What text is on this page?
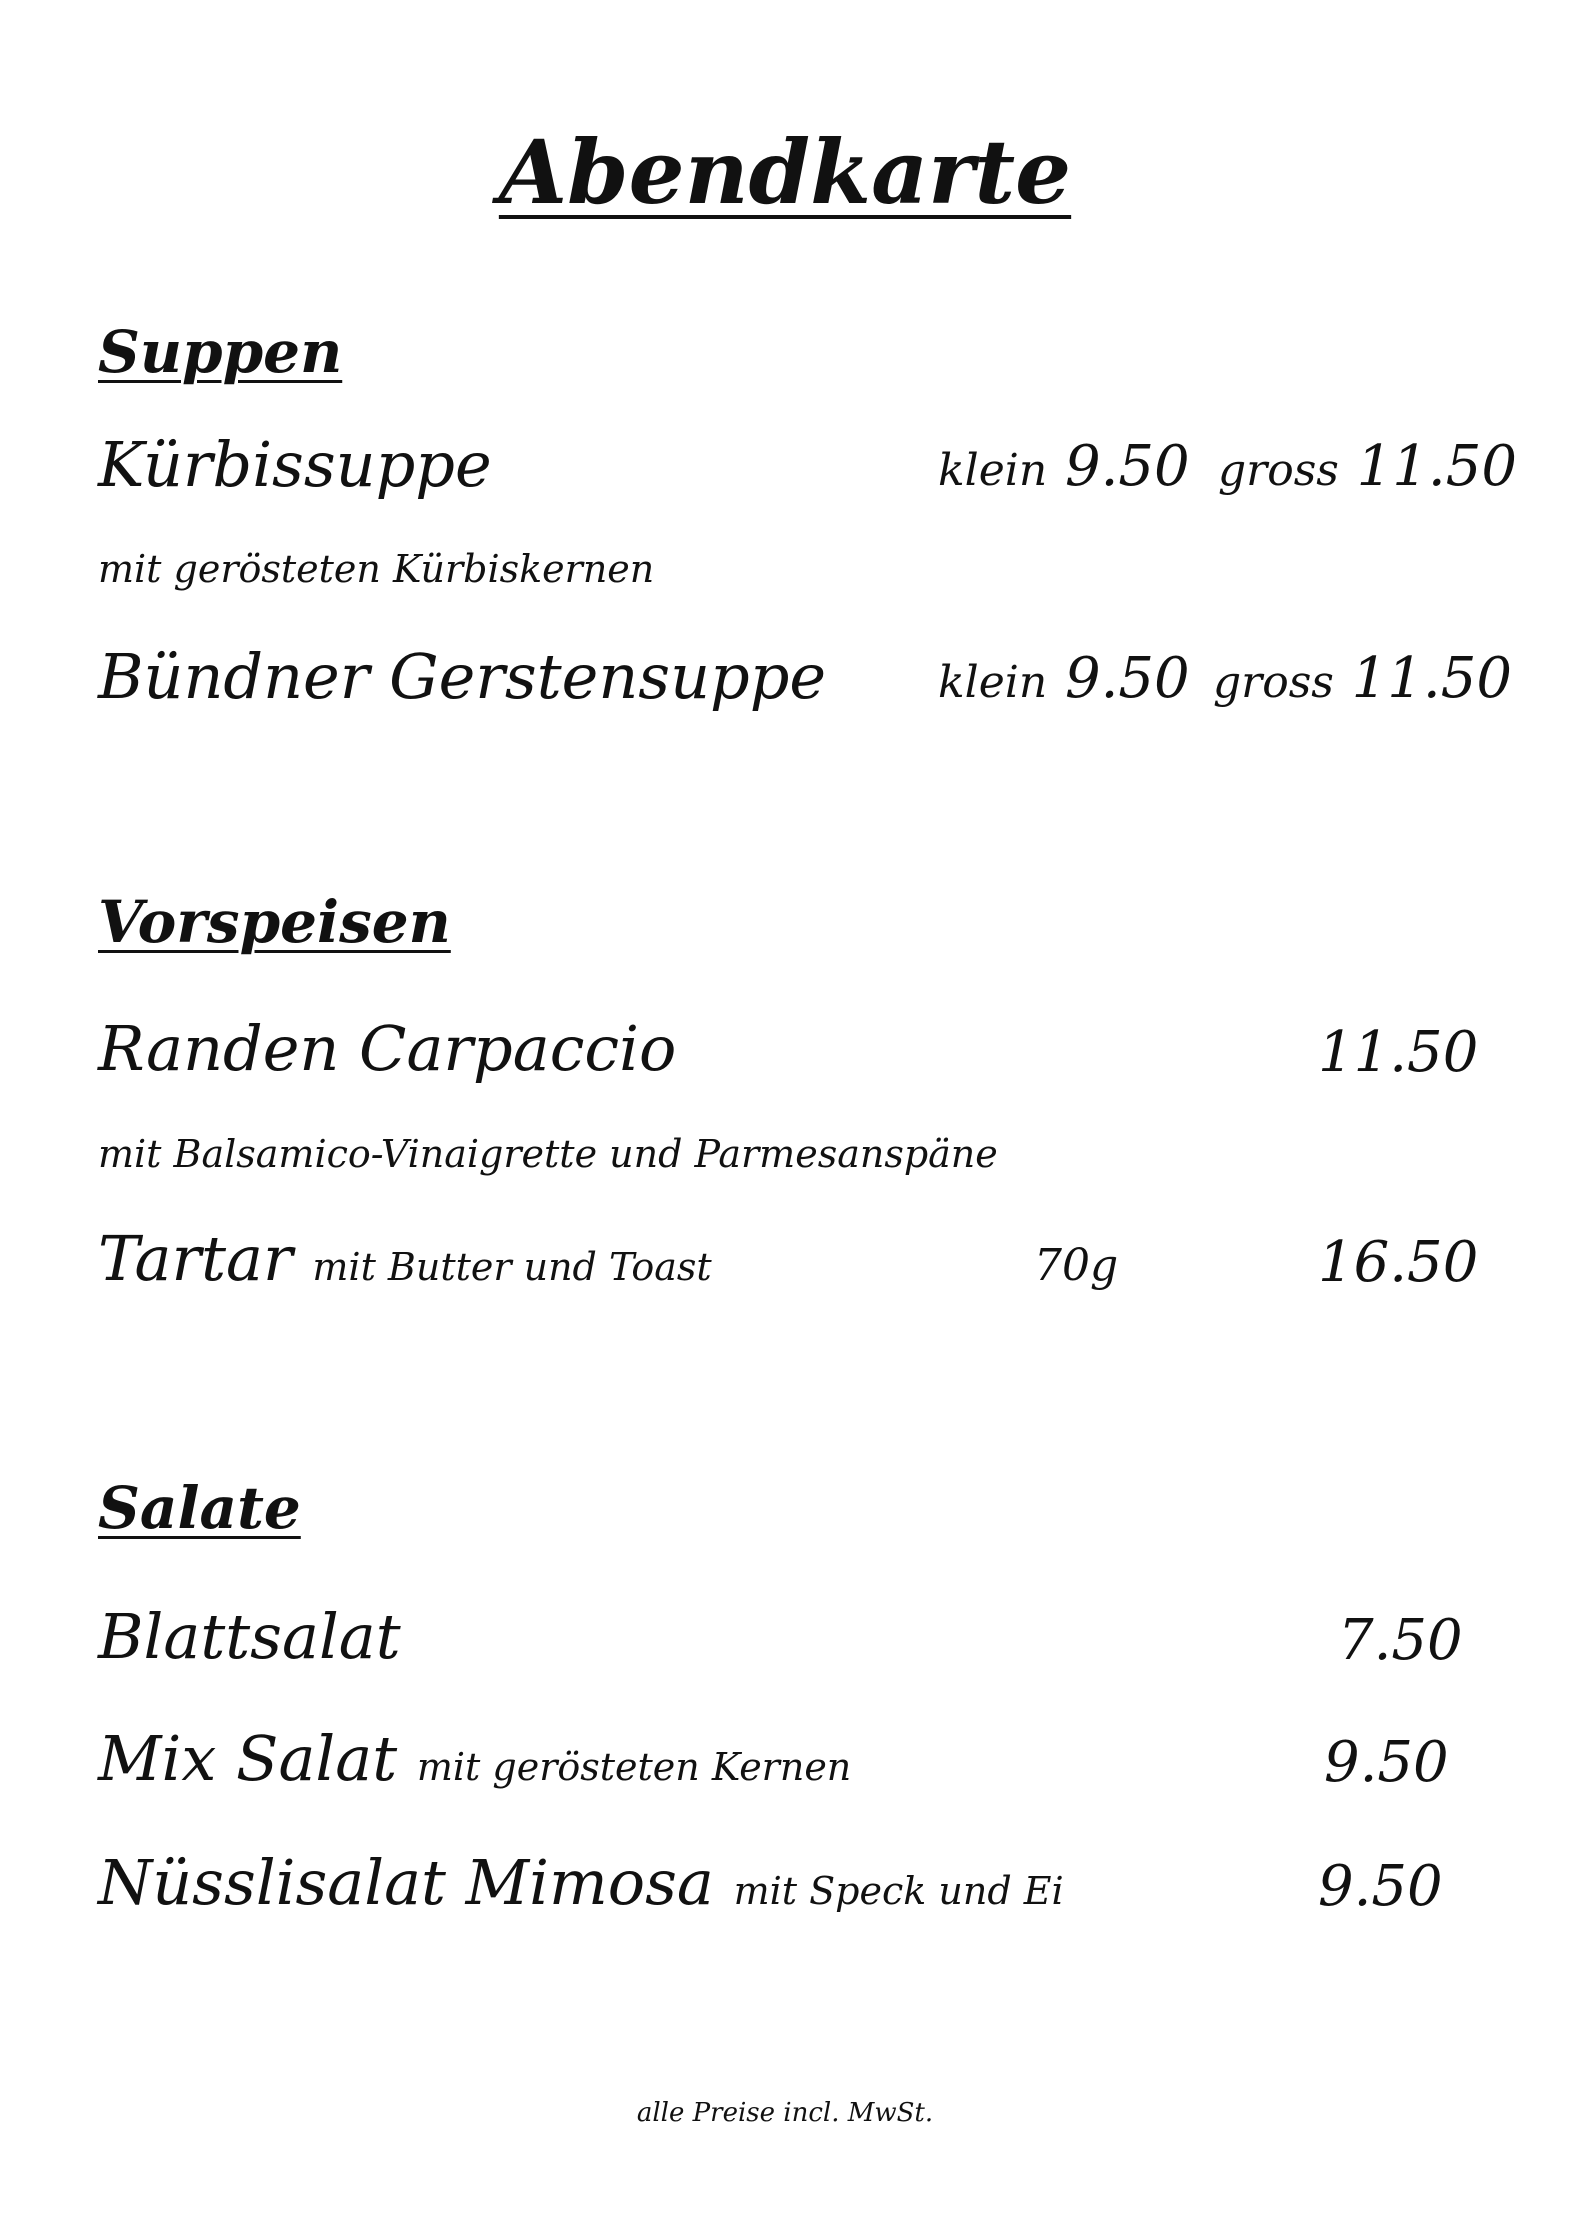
Abendkarte
Suppen
Kürbissuppe	klein 9.50 gross 11.50
mit gerösteten Kürbiskernen
Bündner Gerstensuppe	klein 9.50 gross 11.50
Vorspeisen
Randen Carpaccio	11.50
mit Balsamico-Vinaigrette und Parmesanspäne
Tartar mit Butter und Toast	70g	16.50
Salate
Blattsalat	7.50
Mix Salat mit gerösteten Kernen	9.50
Nüsslisalat Mimosa mit Speck und Ei	9.50
alle Preise incl. MwSt.
